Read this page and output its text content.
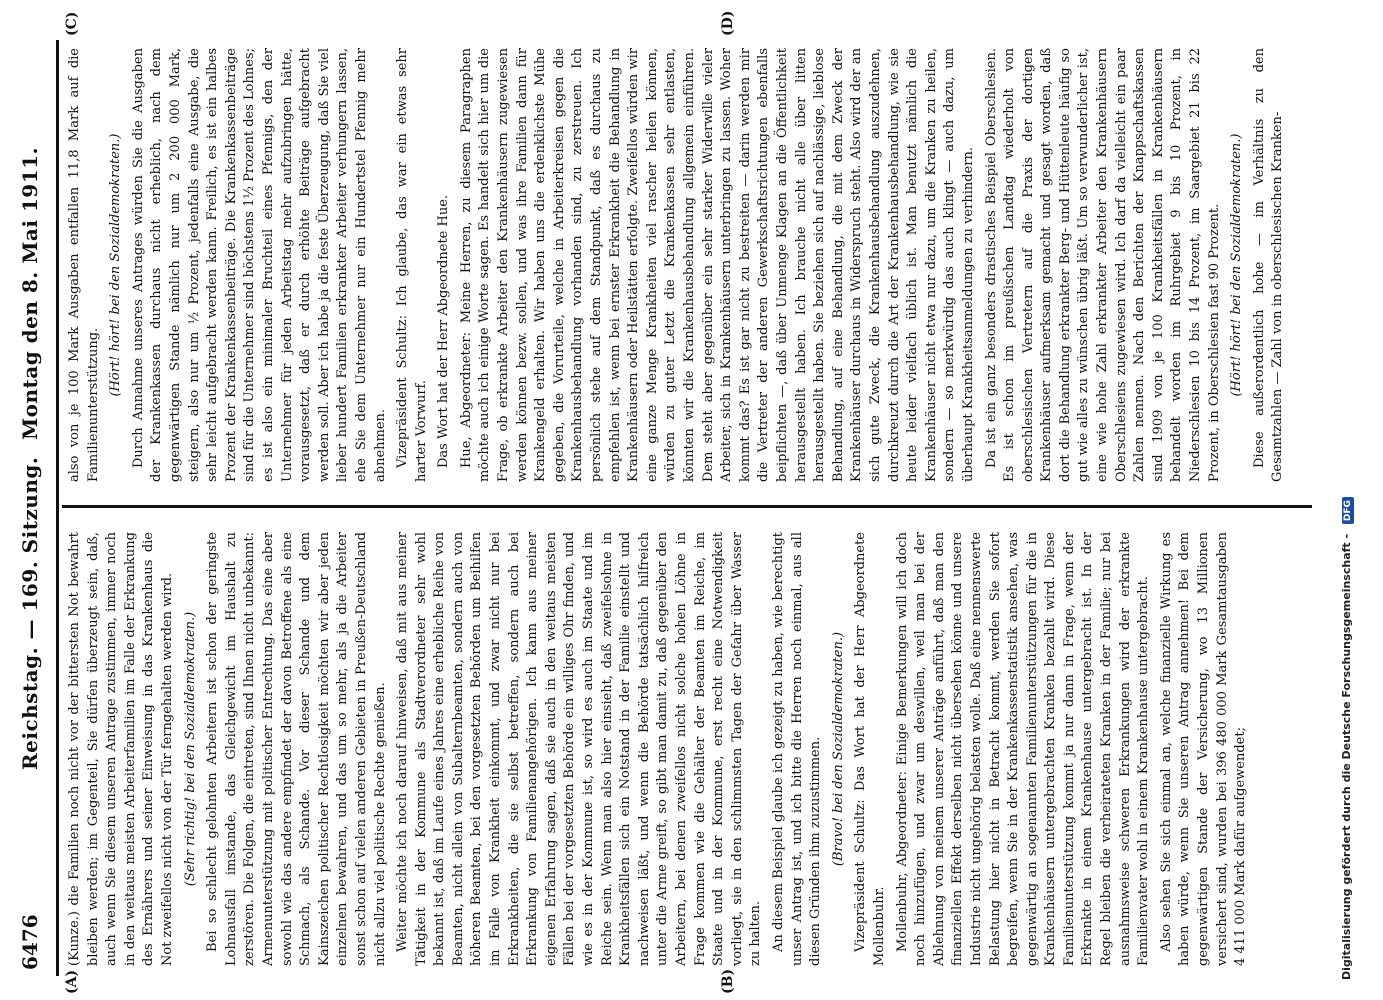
6476
Reichstag. — 169. Sitzung.
Montag den 8. Mai 1911.
(A)	(B)
(C)	(D)

(Kunze.) die Familien noch nicht vor der bittersten Not bewahrt bleiben werden; im Gegenteil, Sie dürfen überzeugt sein, daß, auch wenn Sie diesem unseren Antrage zustimmen, immer noch in den weitaus meisten Arbeiterfamilien im Falle der Erkrankung des Ernährers und seiner Einweisung in das Krankenhaus die Not zweifellos nicht von der Tür ferngehalten werden wird. (Sehr richtig! bei den Sozialdemokraten.) Bei so schlecht gelohnten Arbeitern ist schon der geringste Lohnausfall imstande, das Gleichgewicht im Haushalt zu zerstören. Die Folgen, die eintreten, sind Ihnen nicht unbekannt: Armenunterstützung mit politischer Entrechtung. Das eine aber sowohl wie das andere empfindet der davon Betroffene als eine Schmach, als Schande. Vor dieser Schande und dem Kainszeichen politischer Rechtlosigkeit möchten wir aber jeden einzelnen bewahren, und das um so mehr, als ja die Arbeiter sonst schon auf vielen anderen Gebieten in Preußen-Deutschland nicht allzu viel politische Rechte genießen. Weiter möchte ich noch darauf hinweisen, daß mit aus meiner Tätigkeit in der Kommune als Stadtverordneter sehr wohl bekannt ist, daß im Laufe eines Jahres eine erhebliche Reihe von Beamten, nicht allein von Subalternbeamten, sondern auch von höheren Beamten, bei den vorgesetzten Behörden um Beihilfen im Falle von Krankheit einkommt, und zwar nicht nur bei Erkrankheiten, die sie selbst betreffen, sondern auch bei Erkrankung von Familienangehörigen. Ich kann aus meiner eigenen Erfahrung sagen, daß sie auch in den weitaus meisten Fällen bei der vorgesetzten Behörde ein williges Ohr finden, und wie es in der Kommune ist, so wird es auch im Staate und im Reiche sein. Wenn man also hier einsieht, daß zweifelsohne in Krankheitsfällen sich ein Notstand in der Familie einstellt und nachweisen läßt, und wenn die Behörde tatsächlich hilfreich unter die Arme greift, so gibt man damit zu, daß gegenüber den Arbeitern, bei denen zweifellos nicht solche hohen Löhne in Frage kommen wie die Gehälter der Beamten im Reiche, im Staate und in der Kommune, erst recht eine Notwendigkeit vorliegt, sie in den schlimmsten Tagen der Gefahr über Wasser zu halten. An diesem Beispiel glaube ich gezeigt zu haben, wie berechtigt unser Antrag ist, und ich bitte die Herren noch einmal, aus all diesen Gründen ihm zuzustimmen. (Bravo! bei den Sozialdemokraten.) Vizepräsident Schultz: Das Wort hat der Herr Abgeordnete Mollenbuhr. Mollenbuhr, Abgeordneter: Einige Bemerkungen will ich doch noch hinzufügen, und zwar um deswillen, weil man bei der Ablehnung von meinem unserer Anträge anführt, daß man den finanziellen Effekt derselben nicht übersehen könne und unsere Industrie nicht ungehörig belasten wolle. Daß eine nennenswerte Belastung hier nicht in Betracht kommt, werden Sie sofort begreifen, wenn Sie in der Krankenkassenstatistik ansehen, was gegenwärtig an sogenannten Familienunterstützungen für die in Krankenhäusern untergebrachten Kranken bezahlt wird. Diese Familienunterstützung kommt ja nur dann in Frage, wenn der Erkrankte in einem Krankenhause untergebracht ist. In der Regel bleiben die verheirateten Kranken in der Familie; nur bei ausnahmsweise schweren Erkrankungen wird der erkrankte Familienvater wohl in einem Krankenhause untergebracht. Also sehen Sie sich einmal an, welche finanzielle Wirkung es haben würde, wenn Sie unseren Antrag annehmen! Bei dem gegenwärtigen Stande der Versicherung, wo 13 Millionen versichert sind, wurden bei 396 480 000 Mark Gesamtausgaben 4 411 000 Mark dafür aufgewendet;

also von je 100 Mark Ausgaben entfallen 11,8 Mark auf die Familienunterstützung.

(Hört! hört! bei den Sozialdemokraten.) Durch Annahme unseres Antrages würden Sie die Ausgaben der Krankenkassen durchaus nicht erheblich, nach dem gegenwärtigen Stande nämlich nur um 2 200 000 Mark, steigern, also nur um ½ Prozent, jedenfalls eine Ausgabe, die sehr leicht aufgebracht werden kann. Freilich, es ist ein halbes Prozent der Krankenkassenbeiträge. Die Krankenkassenbeiträge sind für die Unternehmer sind höchstens 1½ Prozent des Lohnes; es ist also ein minimaler Bruchteil eines Pfennigs, den der Unternehmer für jeden Arbeitstag mehr aufzubringen hätte, vorausgesetzt, daß er durch erhöhte Beiträge aufgebracht werden soll. Aber ich habe ja die feste Überzeugung, daß Sie viel lieber hundert Familien erkrankter Arbeiter verhungern lassen, ehe Sie dem Unternehmer nur ein Hundertstel Pfennig mehr abnehmen. Vizepräsident Schultz: Ich glaube, das war ein etwas sehr harter Vorwurf. Das Wort hat der Herr Abgeordnete Hue. Hue, Abgeordneter: Meine Herren, zu diesem Paragraphen möchte auch ich einige Worte sagen. Es handelt sich hier um die Frage, ob erkrankte Arbeiter den Krankenhäusern zugewiesen werden können bezw. sollen, und was ihre Familien dann für Krankengeld erhalten. Wir haben uns die erdenklichste Mühe gegeben, die Vorurteile, welche in Arbeiterkreisen gegen die Krankenhausbehandlung vorhanden sind, zu zerstreuen. Ich persönlich stehe auf dem Standpunkt, daß es durchaus zu empfehlen ist, wenn bei ernster Erkrankheit die Behandlung in Krankenhäusern oder Heilstätten erfolgte. Zweifellos würden wir eine ganze Menge Krankheiten viel rascher heilen können, würden zu guter Letzt die Krankenkassen sehr entlasten, könnten wir die Krankenhausbehandlung allgemein einführen. Dem steht aber gegenüber ein sehr starker Widerwille vieler Arbeiter, sich in Krankenhäusern unterbringen zu lassen. Woher kommt das? Es ist gar nicht zu bestreiten — darin werden mir die Vertreter der anderen Gewerkschaftsrichtungen ebenfalls beipflichten —, daß über Unmenge Klagen an die Öffentlichkeit herausgestellt haben. Ich brauche nicht alle über litten herausgestellt haben. Sie beziehen sich auf nachlässige, lieblose Behandlung, auf eine Behandlung, die mit dem Zweck der Krankenhäuser durchaus in Widerspruch steht. Also wird der an sich gute Zweck, die Krankenhausbehandlung auszudehnen, durchkreuzt durch die Art der Krankenhausbehandlung, wie sie heute leider vielfach üblich ist. Man benutzt nämlich die Krankenhäuser nicht etwa nur dazu, um die Kranken zu heilen, sondern — so merkwürdig das auch klingt — auch dazu, um überhaupt Krankheitsanmeldungen zu verhindern. Da ist ein ganz besonders drastisches Beispiel Oberschlesien. Es ist schon im preußischen Landtag wiederholt von oberschlesischen Vertretern auf die Praxis der dortigen Krankenhäuser aufmerksam gemacht und gesagt worden, daß dort die Behandlung erkrankter Berg- und Hüttenleute häufig so gut wie alles zu wünschen übrig läßt. Um so verwunderlicher ist, eine wie hohe Zahl erkrankter Arbeiter den Krankenhäusern Oberschlesiens zugewiesen wird. Ich darf da vielleicht ein paar Zahlen nennen. Nach den Berichten der Knappschaftskassen sind 1909 von je 100 Krankheitsfällen in Krankenhäusern behandelt worden im Ruhrgebiet 9 bis 10 Prozent, in Niederschlesien 10 bis 14 Prozent, im Saargebiet 21 bis 22 Prozent, in Oberschlesien fast 90 Prozent. (Hört! hört! bei den Sozialdemokraten.) Diese außerordentlich hohe — im Verhältnis zu den Gesamtzahlen — Zahl von in oberschlesischen Kranken-

Digitalisierung gefördert durch die Deutsche Forschungsgemeinschaft - DFG
